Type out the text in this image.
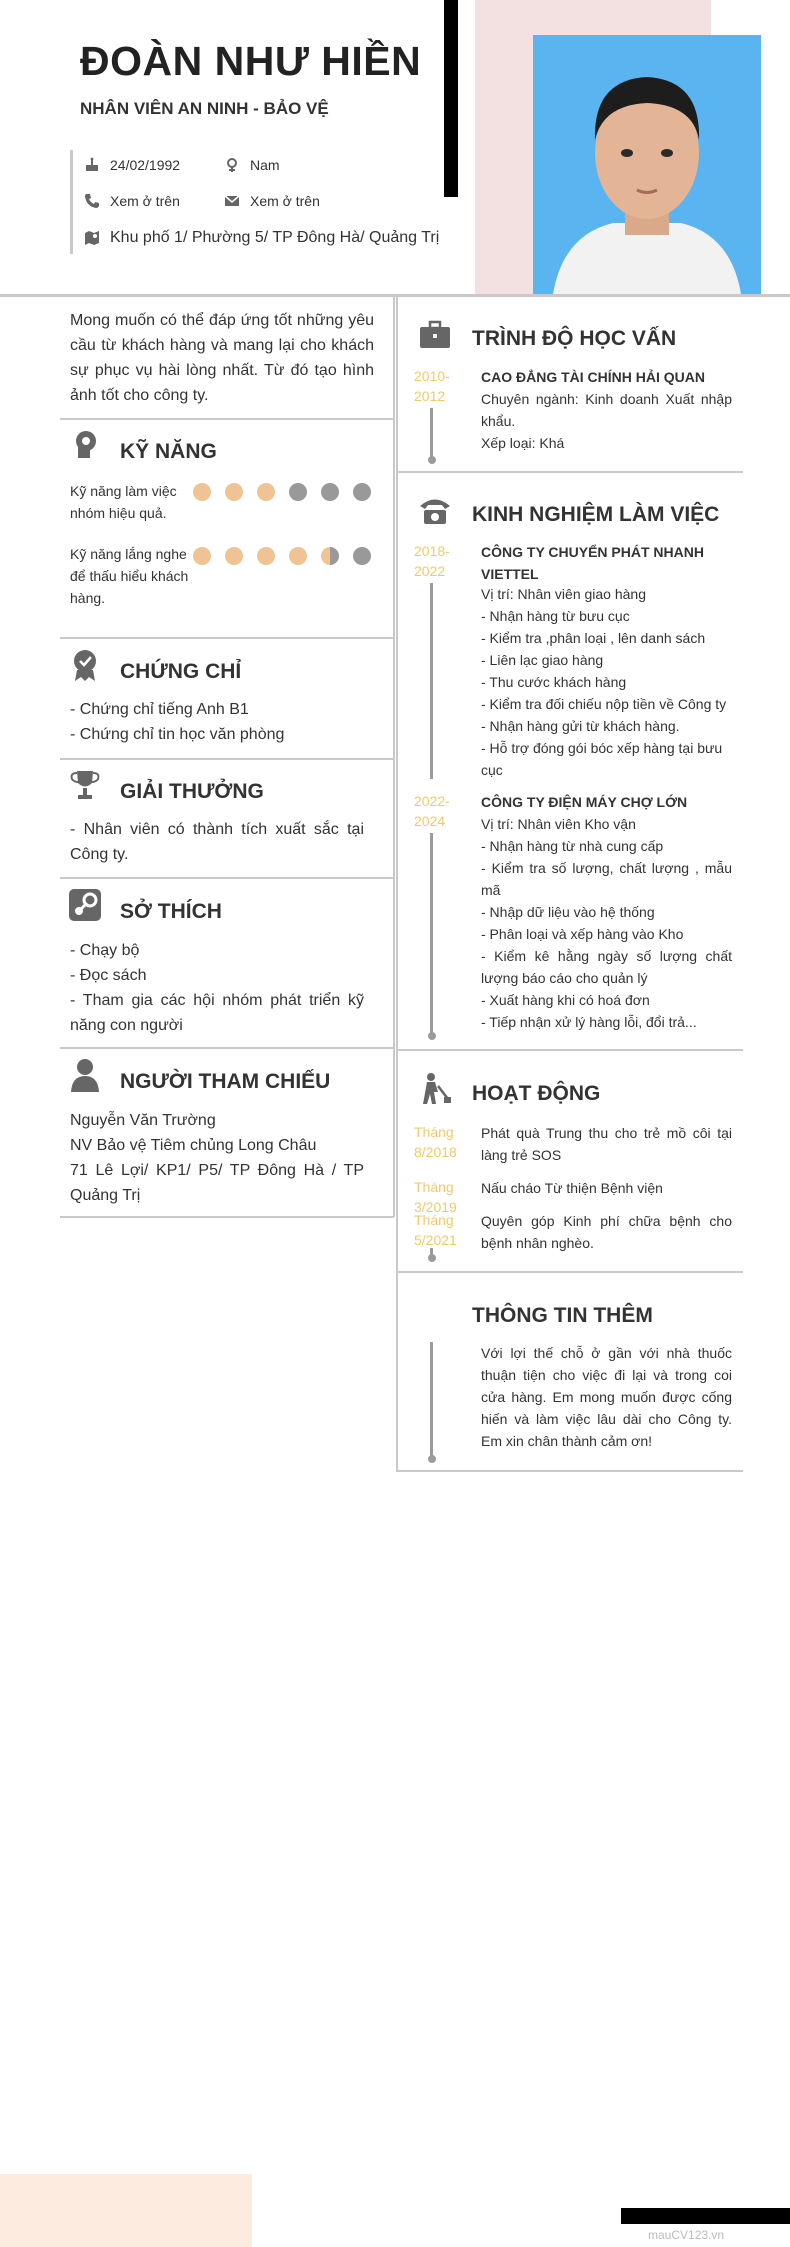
ĐOÀN NHƯ HIỀN
NHÂN VIÊN AN NINH - BẢO VỆ
24/02/1992	Nam
Xem ở trên	Xem ở trên
Khu phố 1/ Phường 5/ TP Đông Hà/ Quảng Trị
Mong muốn có thể đáp ứng tốt những yêu cầu từ khách hàng và mang lại cho khách sự phục vụ hài lòng nhất. Từ đó tạo hình ảnh tốt cho công ty.
KỸ NĂNG
Kỹ năng làm việc nhóm hiệu quả.
Kỹ năng lắng nghe để thấu hiểu khách hàng.
CHỨNG CHỈ
- Chứng chỉ tiếng Anh B1
- Chứng chỉ tin học văn phòng
GIẢI THƯỞNG
- Nhân viên có thành tích xuất sắc tại Công ty.
SỞ THÍCH
- Chạy bộ
- Đọc sách
- Tham gia các hội nhóm phát triển kỹ năng con người
NGƯỜI THAM CHIẾU
Nguyễn Văn Trường
NV Bảo vệ Tiêm chủng Long Châu
71 Lê Lợi/ KP1/ P5/ TP Đông Hà / TP Quảng Trị
TRÌNH ĐỘ HỌC VẤN
2010- 2012
CAO ĐẲNG TÀI CHÍNH HẢI QUAN
Chuyên ngành: Kinh doanh Xuất nhập khẩu.
Xếp loại: Khá
KINH NGHIỆM LÀM VIỆC
2018- 2022
CÔNG TY CHUYỂN PHÁT NHANH VIETTEL
Vị trí: Nhân viên giao hàng
- Nhận hàng từ bưu cục
- Kiểm tra ,phân loại , lên danh sách
- Liên lạc giao hàng
- Thu cước khách hàng
- Kiểm tra đối chiếu nộp tiền về Công ty
- Nhận hàng gửi từ khách hàng.
- Hỗ trợ đóng gói bóc xếp hàng tại bưu cục
2022- 2024
CÔNG TY ĐIỆN MÁY CHỢ LỚN
Vị trí: Nhân viên Kho vận
- Nhận hàng từ nhà cung cấp
- Kiểm tra số lượng, chất lượng , mẫu mã
- Nhập dữ liệu vào hệ thống
- Phân loại và xếp hàng vào Kho
- Kiểm kê hằng ngày số lượng chất lượng báo cáo cho quản lý
- Xuất hàng khi có hoá đơn
- Tiếp nhận xử lý hàng lỗi, đổi trả...
HOẠT ĐỘNG
Tháng 8/2018
Phát quà Trung thu cho trẻ mồ côi tại làng trẻ SOS
Tháng 3/2019
Nấu cháo Từ thiện Bệnh viện
Tháng 5/2021
Quyên góp Kinh phí chữa bệnh cho bệnh nhân nghèo.
THÔNG TIN THÊM
Với lợi thế chỗ ở gần với nhà thuốc thuận tiện cho việc đi lại và trong coi cửa hàng. Em mong muốn được cống hiến và làm việc lâu dài cho Công ty. Em xin chân thành cảm ơn!
mauCV123.vn
